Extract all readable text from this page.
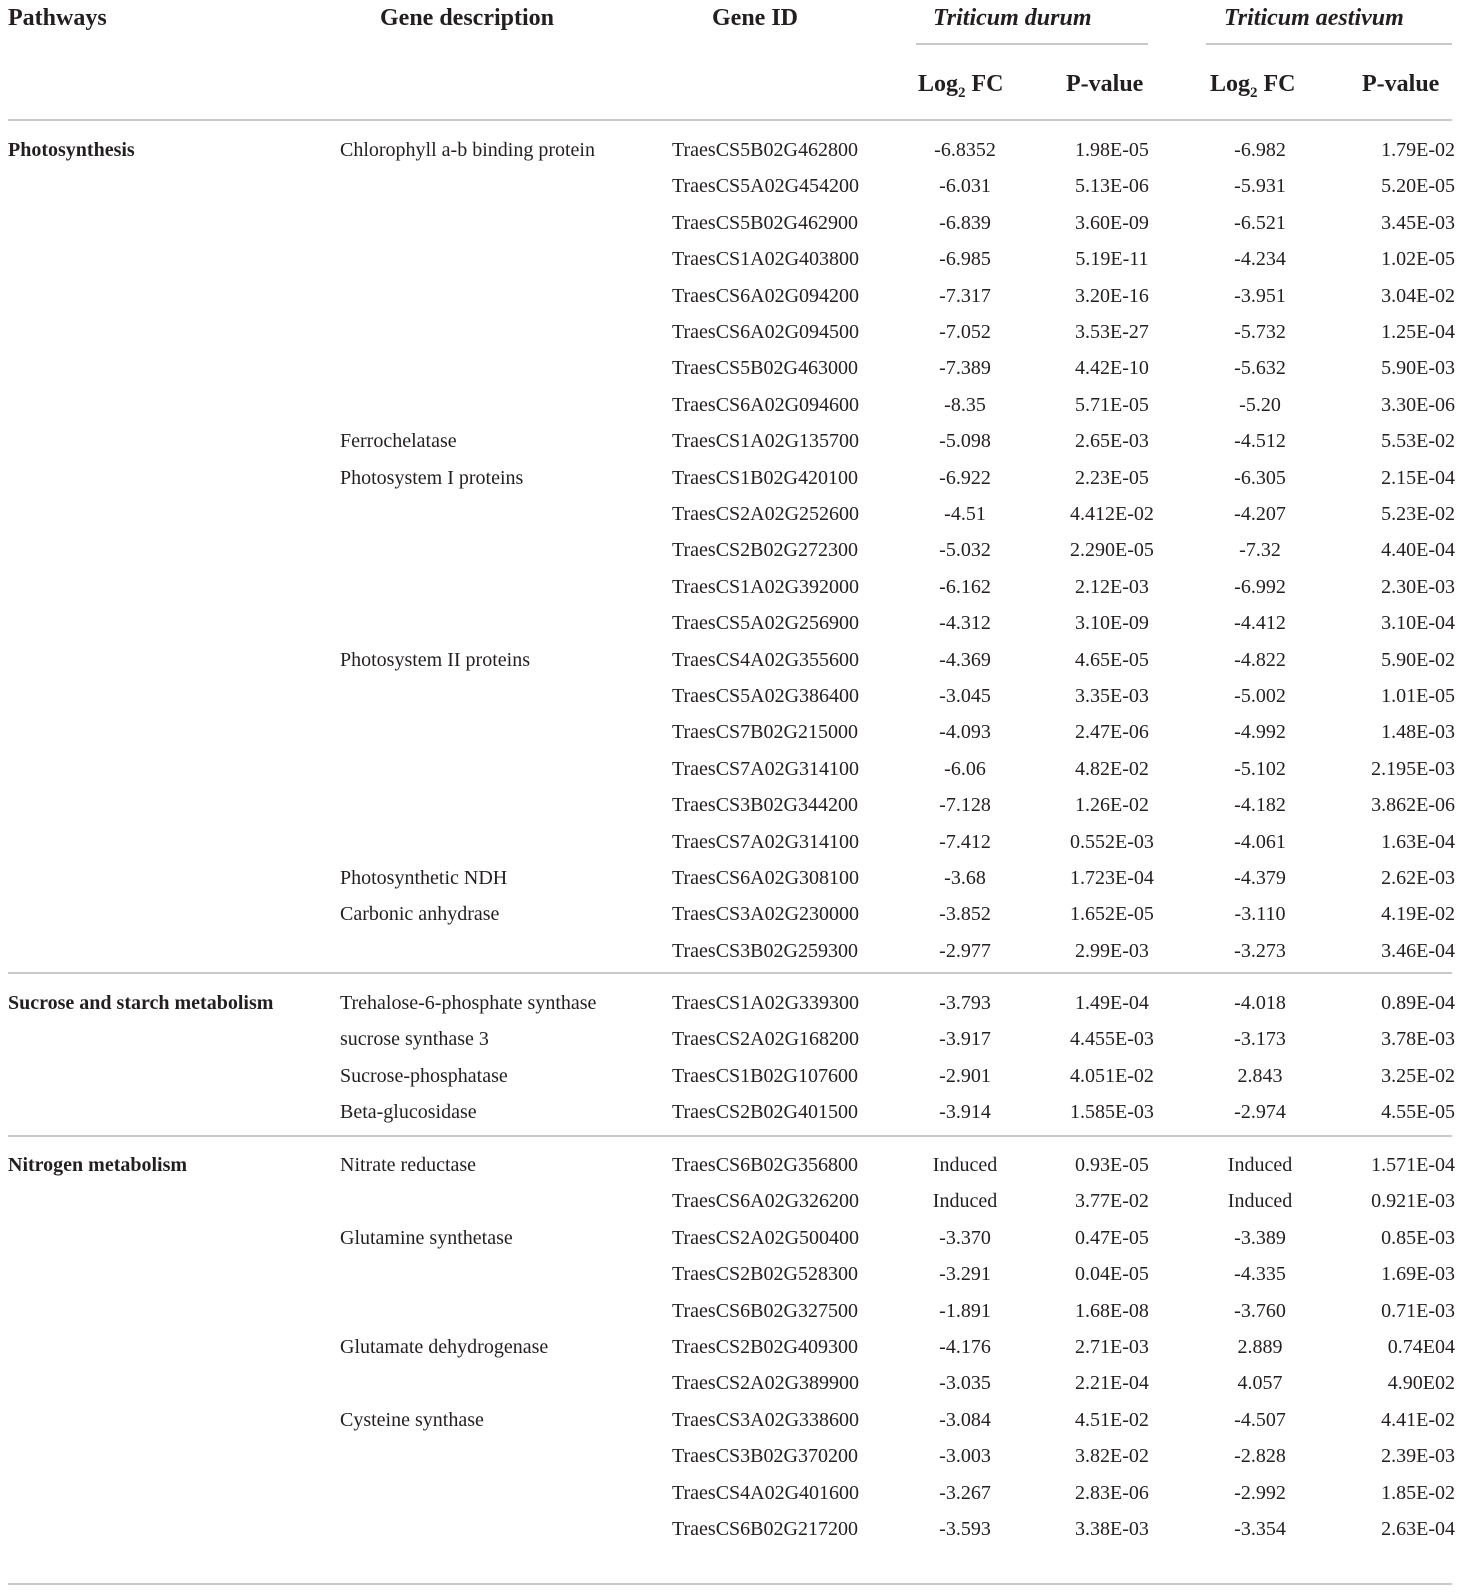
Pathways	Gene description	Gene ID	Triticum durum	Triticum aestivum
Log$_2$ FC	P-value	Log$_2$ FC	P-value
Photosynthesis	Chlorophyll a-b binding protein	TraesCS5B02G462800	-6.8352	1.98E-05	-6.982	1.79E-02
TraesCS5A02G454200	-6.031	5.13E-06	-5.931	5.20E-05
TraesCS5B02G462900	-6.839	3.60E-09	-6.521	3.45E-03
TraesCS1A02G403800	-6.985	5.19E-11	-4.234	1.02E-05
TraesCS6A02G094200	-7.317	3.20E-16	-3.951	3.04E-02
TraesCS6A02G094500	-7.052	3.53E-27	-5.732	1.25E-04
TraesCS5B02G463000	-7.389	4.42E-10	-5.632	5.90E-03
TraesCS6A02G094600	-8.35	5.71E-05	-5.20	3.30E-06
Ferrochelatase	TraesCS1A02G135700	-5.098	2.65E-03	-4.512	5.53E-02
Photosystem I proteins	TraesCS1B02G420100	-6.922	2.23E-05	-6.305	2.15E-04
TraesCS2A02G252600	-4.51	4.412E-02	-4.207	5.23E-02
TraesCS2B02G272300	-5.032	2.290E-05	-7.32	4.40E-04
TraesCS1A02G392000	-6.162	2.12E-03	-6.992	2.30E-03
TraesCS5A02G256900	-4.312	3.10E-09	-4.412	3.10E-04
Photosystem II proteins	TraesCS4A02G355600	-4.369	4.65E-05	-4.822	5.90E-02
TraesCS5A02G386400	-3.045	3.35E-03	-5.002	1.01E-05
TraesCS7B02G215000	-4.093	2.47E-06	-4.992	1.48E-03
TraesCS7A02G314100	-6.06	4.82E-02	-5.102	2.195E-03
TraesCS3B02G344200	-7.128	1.26E-02	-4.182	3.862E-06
TraesCS7A02G314100	-7.412	0.552E-03	-4.061	1.63E-04
Photosynthetic NDH	TraesCS6A02G308100	-3.68	1.723E-04	-4.379	2.62E-03
Carbonic anhydrase	TraesCS3A02G230000	-3.852	1.652E-05	-3.110	4.19E-02
TraesCS3B02G259300	-2.977	2.99E-03	-3.273	3.46E-04
Sucrose and starch metabolism	Trehalose-6-phosphate synthase	TraesCS1A02G339300	-3.793	1.49E-04	-4.018	0.89E-04
sucrose synthase 3	TraesCS2A02G168200	-3.917	4.455E-03	-3.173	3.78E-03
Sucrose-phosphatase	TraesCS1B02G107600	-2.901	4.051E-02	2.843	3.25E-02
Beta-glucosidase	TraesCS2B02G401500	-3.914	1.585E-03	-2.974	4.55E-05
Nitrogen metabolism	Nitrate reductase	TraesCS6B02G356800	Induced	0.93E-05	Induced	1.571E-04
TraesCS6A02G326200	Induced	3.77E-02	Induced	0.921E-03
Glutamine synthetase	TraesCS2A02G500400	-3.370	0.47E-05	-3.389	0.85E-03
TraesCS2B02G528300	-3.291	0.04E-05	-4.335	1.69E-03
TraesCS6B02G327500	-1.891	1.68E-08	-3.760	0.71E-03
Glutamate dehydrogenase	TraesCS2B02G409300	-4.176	2.71E-03	2.889	0.74E04
TraesCS2A02G389900	-3.035	2.21E-04	4.057	4.90E02
Cysteine synthase	TraesCS3A02G338600	-3.084	4.51E-02	-4.507	4.41E-02
TraesCS3B02G370200	-3.003	3.82E-02	-2.828	2.39E-03
TraesCS4A02G401600	-3.267	2.83E-06	-2.992	1.85E-02
TraesCS6B02G217200	-3.593	3.38E-03	-3.354	2.63E-04
